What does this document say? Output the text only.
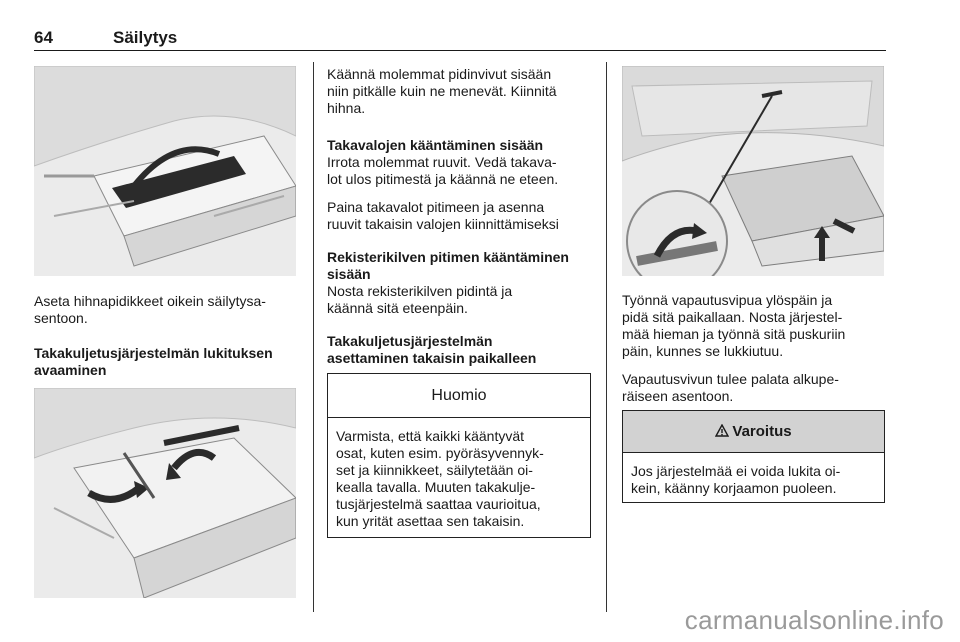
64	Säilytys

Aseta hihnapidikkeet oikein säilytysa-
sentoon.

Takakuljetusjärjestelmän lukituksen
avaaminen

Käännä molemmat pidinvivut sisään
niin pitkälle kuin ne menevät. Kiinnitä
hihna.

Takavalojen kääntäminen sisään

Irrota molemmat ruuvit. Vedä takava-
lot ulos pitimestä ja käännä ne eteen.

Paina takavalot pitimeen ja asenna
ruuvit takaisin valojen kiinnittämiseksi

Rekisterikilven pitimen kääntäminen
sisään

Nosta rekisterikilven pidintä ja
käännä sitä eteenpäin.

Takakuljetusjärjestelmän
asettaminen takaisin paikalleen

Huomio
Varmista, että kaikki kääntyvät
osat, kuten esim. pyöräsyvennyk-
set ja kiinnikkeet, säilytetään oi-
kealla tavalla. Muuten takakulje-
tusjärjestelmä saattaa vaurioitua,
kun yrität asettaa sen takaisin.

Työnnä vapautusvipua ylöspäin ja
pidä sitä paikallaan. Nosta järjestel-
mää hieman ja työnnä sitä puskuriin
päin, kunnes se lukkiutuu.

Vapautusvivun tulee palata alkupe-
räiseen asentoon.

Varoitus
Jos järjestelmää ei voida lukita oi-
kein, käänny korjaamon puoleen.
carmanualsonline.info
